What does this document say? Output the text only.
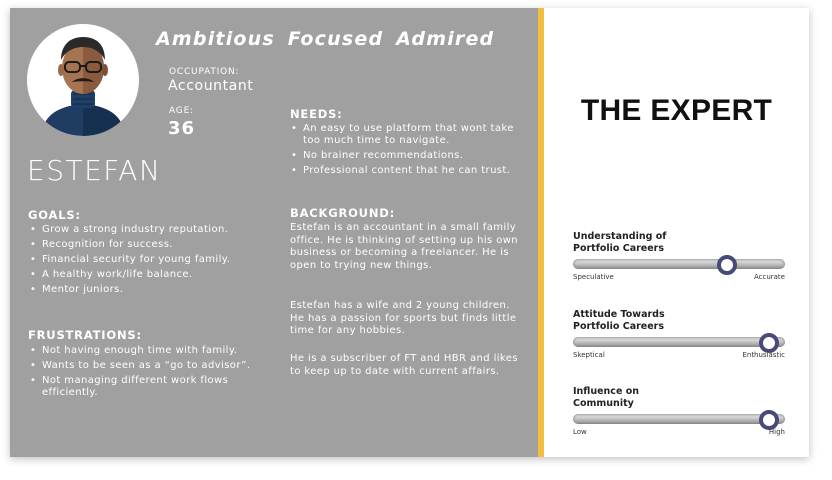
Ambitious Focused Admired
OCCUPATION:
Accountant
AGE:
36
ESTEFAN
NEEDS:
• An easy to use platform that wont take too much time to navigate.
• No brainer recommendations.
• Professional content that he can trust.
GOALS:
• Grow a strong industry reputation.
• Recognition for success.
• Financial security for young family.
• A healthy work/life balance.
• Mentor juniors.
BACKGROUND:
Estefan is an accountant in a small family office. He is thinking of setting up his own business or becoming a freelancer. He is open to trying new things.
Estefan has a wife and 2 young children. He has a passion for sports but finds little time for any hobbies.
He is a subscriber of FT and HBR and likes to keep up to date with current affairs.
FRUSTRATIONS:
• Not having enough time with family.
• Wants to be seen as a “go to advisor”.
• Not managing different work flows efficiently.
THE EXPERT
Understanding of
Portfolio Careers
Speculative	Accurate
Attitude Towards
Portfolio Careers
Skeptical	Enthusiastic
Influence on
Community
Low	High
